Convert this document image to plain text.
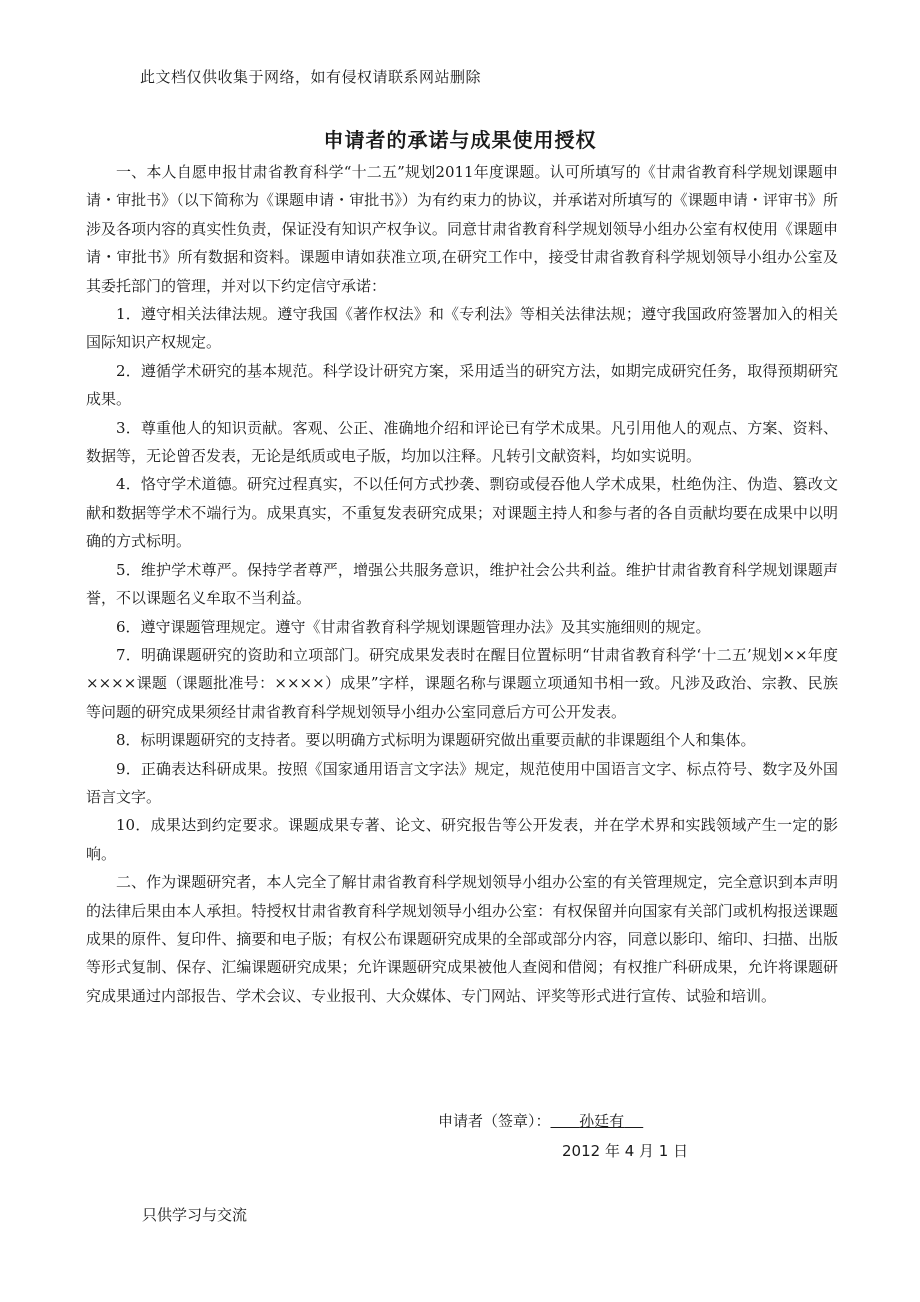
此文档仅供收集于网络，如有侵权请联系网站删除
申请者的承诺与成果使用授权

一、本人自愿申报甘肃省教育科学“十二五”规划2011年度课题。认可所填写的《甘肃省教育科学规划课题申请・审批书》（以下简称为《课题申请・审批书》）为有约束力的协议，并承诺对所填写的《课题申请・评审书》所涉及各项内容的真实性负责，保证没有知识产权争议。同意甘肃省教育科学规划领导小组办公室有权使用《课题申请・审批书》所有数据和资料。课题申请如获准立项,在研究工作中，接受甘肃省教育科学规划领导小组办公室及其委托部门的管理，并对以下约定信守承诺：

1．遵守相关法律法规。遵守我国《著作权法》和《专利法》等相关法律法规；遵守我国政府签署加入的相关国际知识产权规定。

2．遵循学术研究的基本规范。科学设计研究方案，采用适当的研究方法，如期完成研究任务，取得预期研究成果。

3．尊重他人的知识贡献。客观、公正、准确地介绍和评论已有学术成果。凡引用他人的观点、方案、资料、数据等，无论曾否发表，无论是纸质或电子版，均加以注释。凡转引文献资料，均如实说明。

4．恪守学术道德。研究过程真实，不以任何方式抄袭、剽窃或侵吞他人学术成果，杜绝伪注、伪造、篡改文献和数据等学术不端行为。成果真实，不重复发表研究成果；对课题主持人和参与者的各自贡献均要在成果中以明确的方式标明。

5．维护学术尊严。保持学者尊严，增强公共服务意识，维护社会公共利益。维护甘肃省教育科学规划课题声誉，不以课题名义牟取不当利益。

6．遵守课题管理规定。遵守《甘肃省教育科学规划课题管理办法》及其实施细则的规定。

7．明确课题研究的资助和立项部门。研究成果发表时在醒目位置标明“甘肃省教育科学‘十二五’规划××年度××××课题（课题批准号：××××）成果”字样，课题名称与课题立项通知书相一致。凡涉及政治、宗教、民族等问题的研究成果须经甘肃省教育科学规划领导小组办公室同意后方可公开发表。

8．标明课题研究的支持者。要以明确方式标明为课题研究做出重要贡献的非课题组个人和集体。

9．正确表达科研成果。按照《国家通用语言文字法》规定，规范使用中国语言文字、标点符号、数字及外国语言文字。

10．成果达到约定要求。课题成果专著、论文、研究报告等公开发表，并在学术界和实践领域产生一定的影响。

二、作为课题研究者，本人完全了解甘肃省教育科学规划领导小组办公室的有关管理规定，完全意识到本声明的法律后果由本人承担。特授权甘肃省教育科学规划领导小组办公室：有权保留并向国家有关部门或机构报送课题成果的原件、复印件、摘要和电子版；有权公布课题研究成果的全部或部分内容，同意以影印、缩印、扫描、出版等形式复制、保存、汇编课题研究成果；允许课题研究成果被他人查阅和借阅；有权推广科研成果，允许将课题研究成果通过内部报告、学术会议、专业报刊、大众媒体、专门网站、评奖等形式进行宣传、试验和培训。

申请者（签章）： 孙廷有
2012 年 4 月 1 日
只供学习与交流
